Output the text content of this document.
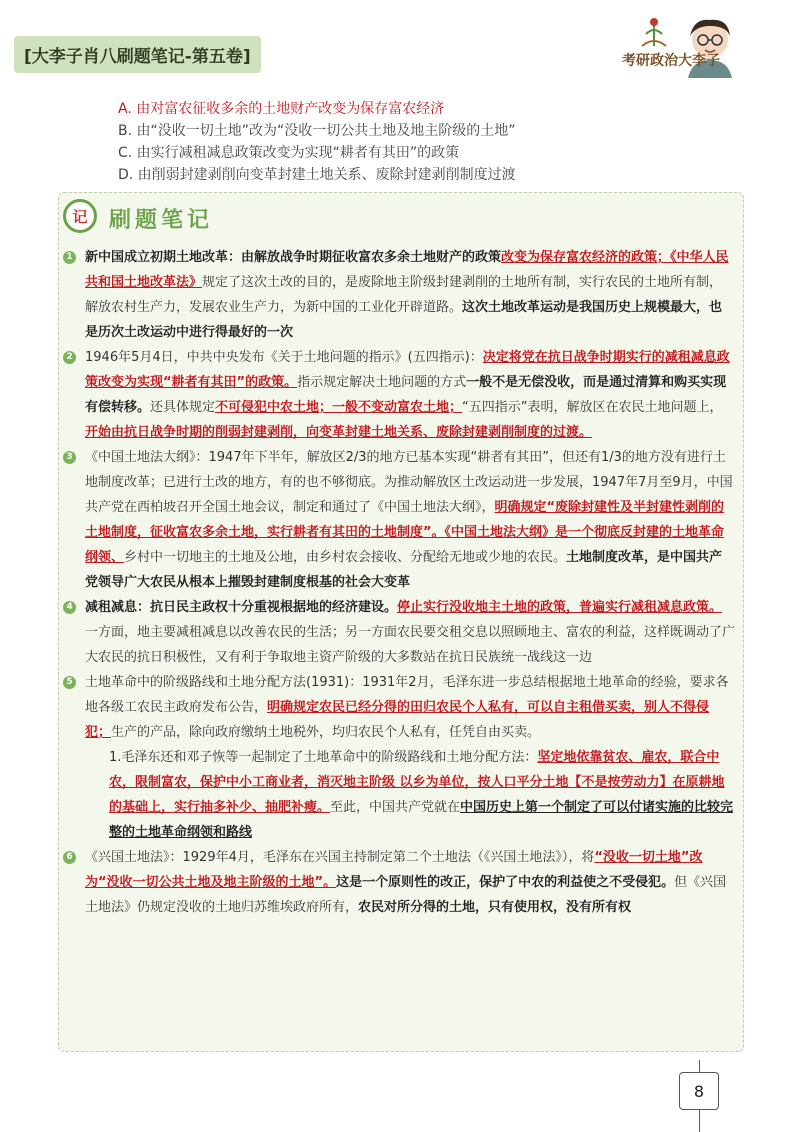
[大李子肖八刷题笔记-第五卷]	考研政治大李子
A. 由对富农征收多余的土地财产改变为保存富农经济
B. 由“没收一切土地”改为“没收一切公共土地及地主阶级的土地”
C. 由实行减租减息政策改变为实现“耕者有其田”的政策
D. 由削弱封建剥削向变革封建土地关系、废除封建剥削制度过渡
记 刷题笔记
1 新中国成立初期土地改革：由解放战争时期征收富农多余土地财产的政策改变为保存富农经济的政策；《中华人民共和国土地改革法》规定了这次土改的目的，是废除地主阶级封建剥削的土地所有制，实行农民的土地所有制，解放农村生产力，发展农业生产力，为新中国的工业化开辟道路。这次土地改革运动是我国历史上规模最大，也是历次土改运动中进行得最好的一次
2 1946年5月4日，中共中央发布《关于土地问题的指示》(五四指示)：决定将党在抗日战争时期实行的减租减息政策改变为实现“耕者有其田”的政策。指示规定解决土地问题的方式一般不是无偿没收，而是通过清算和购买实现有偿转移。还具体规定不可侵犯中农土地；一般不变动富农土地；“五四指示”表明，解放区在农民土地问题上，开始由抗日战争时期的削弱封建剥削，向变革封建土地关系、废除封建剥削制度的过渡。
3 《中国土地法大纲》：1947年下半年，解放区2/3的地方已基本实现“耕者有其田”，但还有1/3的地方没有进行土地制度改革；已进行土改的地方，有的也不够彻底。为推动解放区土改运动进一步发展，1947年7月至9月，中国共产党在西柏坡召开全国土地会议，制定和通过了《中国土地法大纲》，明确规定“废除封建性及半封建性剥削的土地制度，征收富农多余土地，实行耕者有其田的土地制度”。《中国土地法大纲》是一个彻底反封建的土地革命纲领、乡村中一切地主的土地及公地，由乡村农会接收、分配给无地或少地的农民。土地制度改革，是中国共产党领导广大农民从根本上摧毁封建制度根基的社会大变革
4 减租减息：抗日民主政权十分重视根据地的经济建设。停止实行没收地主土地的政策，普遍实行减租减息政策。一方面，地主要减租减息以改善农民的生活；另一方面农民要交租交息以照顾地主、富农的利益，这样既调动了广大农民的抗日积极性，又有利于争取地主资产阶级的大多数站在抗日民族统一战线这一边
5 土地革命中的阶级路线和土地分配方法(1931)：1931年2月，毛泽东进一步总结根据地土地革命的经验，要求各地各级工农民主政府发布公告，明确规定农民已经分得的田归农民个人私有，可以自主租借买卖，别人不得侵犯；生产的产品，除向政府缴纳土地税外，均归农民个人私有，任凭自由买卖。
1.毛泽东还和邓子恢等一起制定了土地革命中的阶级路线和土地分配方法：坚定地依靠贫农、雇农，联合中农，限制富农，保护中小工商业者，消灭地主阶级 以乡为单位，按人口平分土地【不是按劳动力】在原耕地的基础上，实行抽多补少、抽肥补瘦。至此，中国共产党就在中国历史上第一个制定了可以付诸实施的比较完整的土地革命纲领和路线
6 《兴国土地法》：1929年4月，毛泽东在兴国主持制定第二个土地法（《兴国土地法》），将“没收一切土地”改为“没收一切公共土地及地主阶级的土地”。这是一个原则性的改正，保护了中农的利益使之不受侵犯。但《兴国土地法》仍规定没收的土地归苏维埃政府所有，农民对所分得的土地，只有使用权，没有所有权
8
